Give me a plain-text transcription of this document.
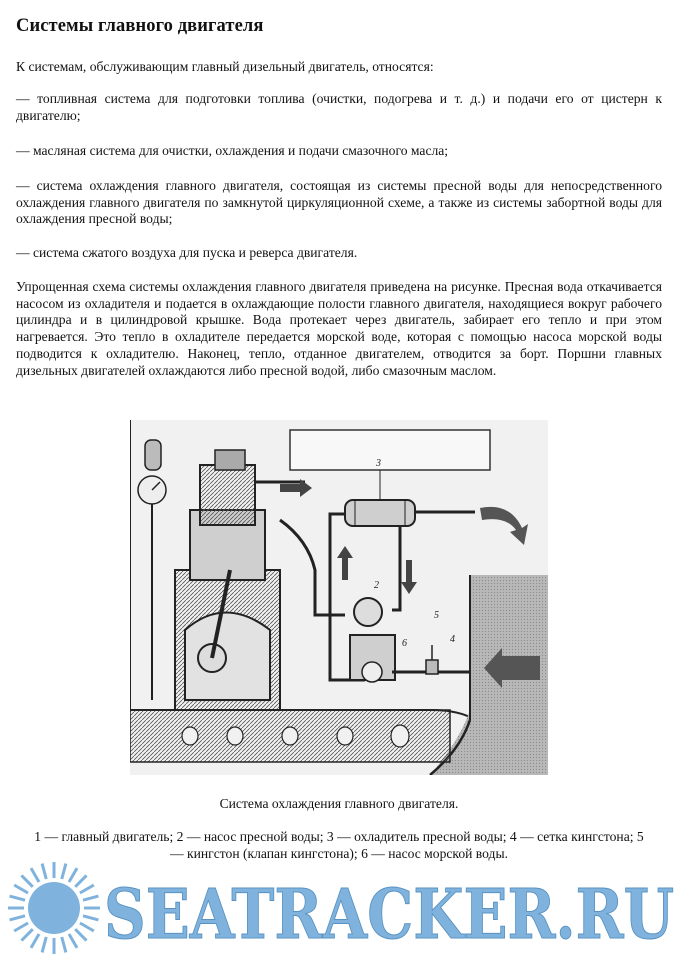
Системы главного двигателя

К системам, обслуживающим главный дизельный двигатель, относятся:

— топливная система для подготовки топлива (очистки, подогрева и т. д.) и подачи его от цистерн к двигателю;

— масляная система для очистки, охлаждения и подачи смазочного масла;

— система охлаждения главного двигателя, состоящая из системы пресной воды для непосредственного охлаждения главного двигателя по замкнутой циркуляционной схеме, а также из системы забортной воды для охлаждения пресной воды;

— система сжатого воздуха для пуска и реверса двигателя.

Упрощенная схема системы охлаждения главного двигателя приведена на рисунке. Пресная вода откачивается насосом из охладителя и подается в охлаждающие полости главного двигателя, находящиеся вокруг рабочего цилиндра и в цилиндровой крышке. Вода протекает через двигатель, забирает его тепло и при этом нагревается. Это тепло в охладителе передается морской воде, которая с помощью насоса морской воды подводится к охладителю. Наконец, тепло, отданное двигателем, отводится за борт. Поршни главных дизельных двигателей охлаждаются либо пресной водой, либо смазочным маслом.

3
2
6
5
4

Система охлаждения главного двигателя.

1 — главный двигатель; 2 — насос пресной воды; 3 — охладитель пресной воды; 4 — сетка кингстона; 5 — кингстон (клапан кингстона); 6 — насос морской воды.

SEATRACKER.RU
